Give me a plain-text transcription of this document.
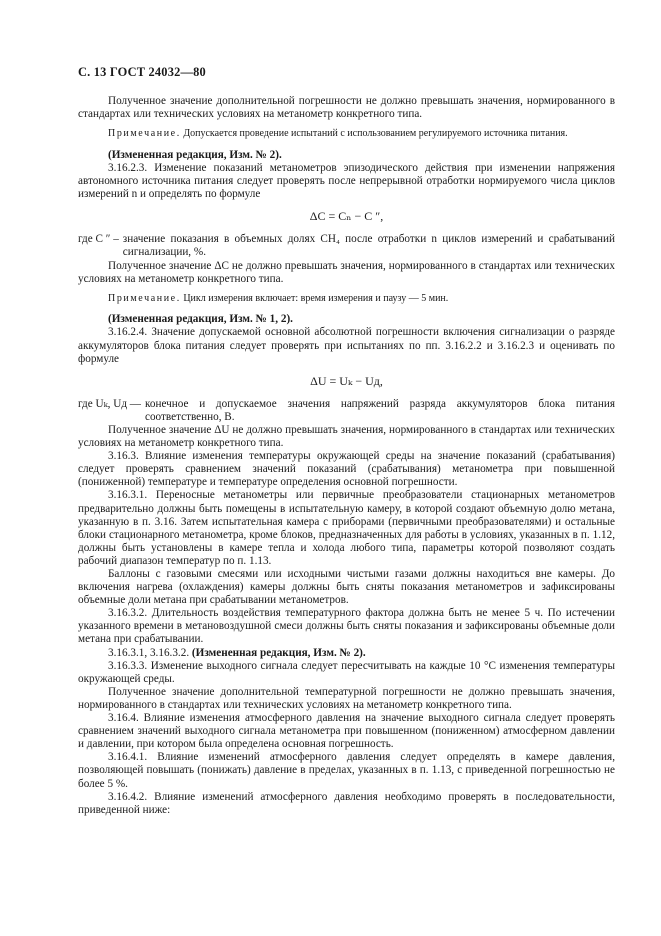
С. 13 ГОСТ 24032—80

Полученное значение дополнительной погрешности не должно превышать значения, нормированного в стандартах или технических условиях на метанометр конкретного типа.

Примечание. Допускается проведение испытаний с использованием регулируемого источника питания.

(Измененная редакция, Изм. № 2).

3.16.2.3. Изменение показаний метанометров эпизодического действия при изменении напряжения автономного источника питания следует проверять после непрерывной отработки нормируемого числа циклов измерений n и определять по формуле

ΔC = Cₙ − C ″,
где C ″ – значение показания в объемных долях CH₄ после отработки n циклов измерений и срабатываний сигнализации, %.

Полученное значение ΔC не должно превышать значения, нормированного в стандартах или технических условиях на метанометр конкретного типа.

Примечание. Цикл измерения включает: время измерения и паузу — 5 мин.

(Измененная редакция, Изм. № 1, 2).

3.16.2.4. Значение допускаемой основной абсолютной погрешности включения сигнализации о разряде аккумуляторов блока питания следует проверять при испытаниях по пп. 3.16.2.2 и 3.16.2.3 и оценивать по формуле

ΔU = Uₖ − Uд,
где Uₖ, Uд — конечное и допускаемое значения напряжений разряда аккумуляторов блока питания соответственно, В.

Полученное значение ΔU не должно превышать значения, нормированного в стандартах или технических условиях на метанометр конкретного типа.

3.16.3. Влияние изменения температуры окружающей среды на значение показаний (срабатывания) следует проверять сравнением значений показаний (срабатывания) метанометра при повышенной (пониженной) температуре и температуре определения основной погрешности.

3.16.3.1. Переносные метанометры или первичные преобразователи стационарных метанометров предварительно должны быть помещены в испытательную камеру, в которой создают объемную долю метана, указанную в п. 3.16. Затем испытательная камера с приборами (первичными преобразователями) и остальные блоки стационарного метанометра, кроме блоков, предназначенных для работы в условиях, указанных в п. 1.12, должны быть установлены в камере тепла и холода любого типа, параметры которой позволяют создать рабочий диапазон температур по п. 1.13.

Баллоны с газовыми смесями или исходными чистыми газами должны находиться вне камеры. До включения нагрева (охлаждения) камеры должны быть сняты показания метанометров и зафиксированы объемные доли метана при срабатывании метанометров.

3.16.3.2. Длительность воздействия температурного фактора должна быть не менее 5 ч. По истечении указанного времени в метановоздушной смеси должны быть сняты показания и зафиксированы объемные доли метана при срабатывании.

3.16.3.1, 3.16.3.2. (Измененная редакция, Изм. № 2).

3.16.3.3. Изменение выходного сигнала следует пересчитывать на каждые 10 °С изменения температуры окружающей среды.

Полученное значение дополнительной температурной погрешности не должно превышать значения, нормированного в стандартах или технических условиях на метанометр конкретного типа.

3.16.4. Влияние изменения атмосферного давления на значение выходного сигнала следует проверять сравнением значений выходного сигнала метанометра при повышенном (пониженном) атмосферном давлении и давлении, при котором была определена основная погрешность.

3.16.4.1. Влияние изменений атмосферного давления следует определять в камере давления, позволяющей повышать (понижать) давление в пределах, указанных в п. 1.13, с приведенной погрешностью не более 5 %.

3.16.4.2. Влияние изменений атмосферного давления необходимо проверять в последовательности, приведенной ниже:
